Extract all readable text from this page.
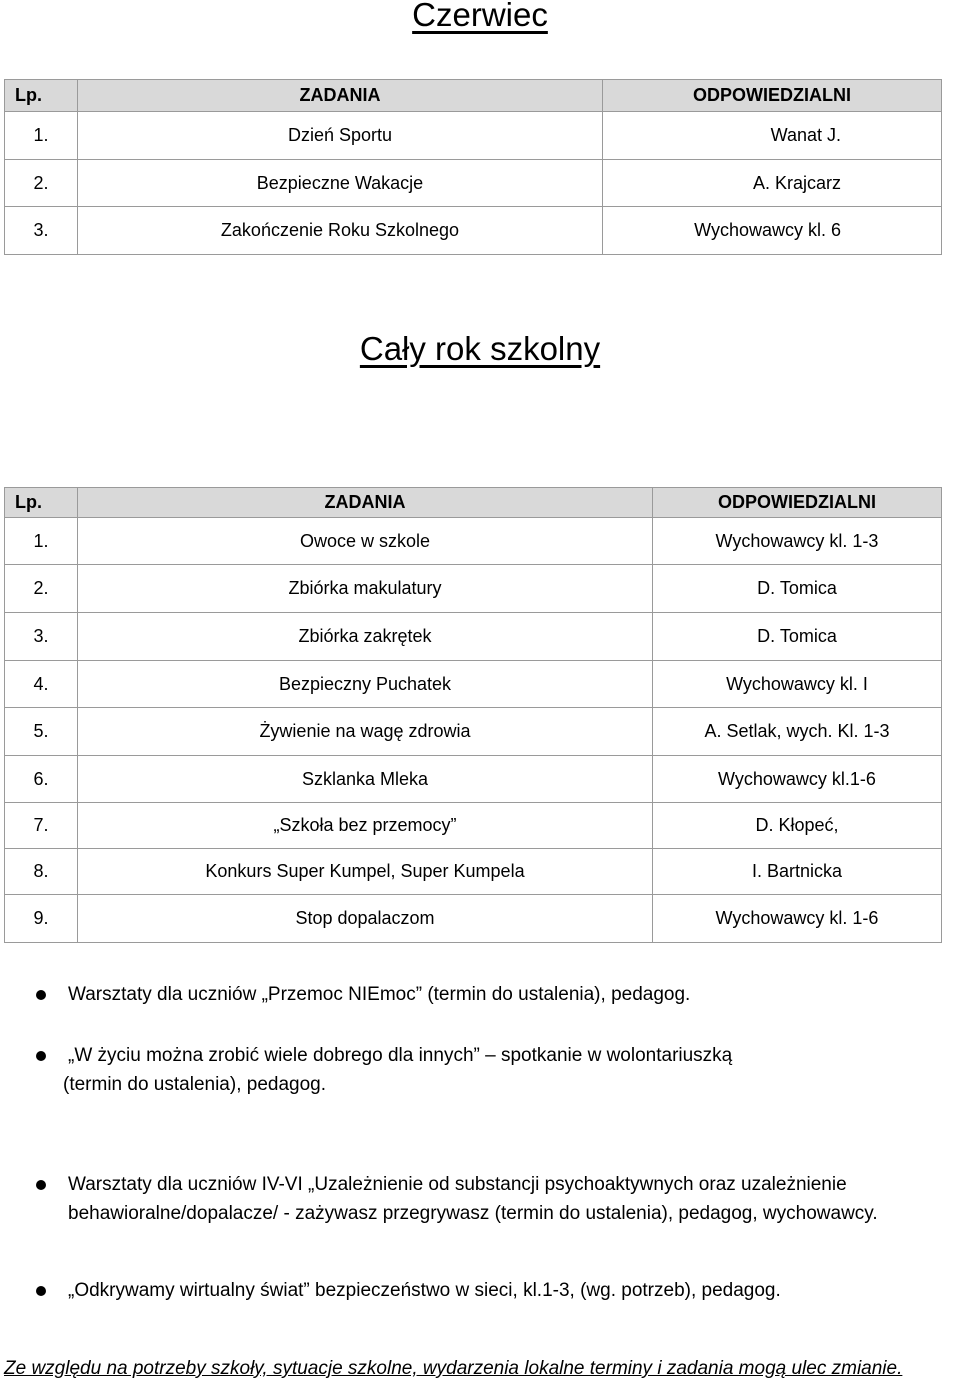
Czerwiec
Lp.	ZADANIA	ODPOWIEDZIALNI
1.	Dzień Sportu	Wanat J.
2.	Bezpieczne Wakacje	A. Krajcarz
3.	Zakończenie Roku Szkolnego	Wychowawcy kl. 6
Cały rok szkolny
Lp.	ZADANIA	ODPOWIEDZIALNI
1.	Owoce w szkole	Wychowawcy kl. 1-3
2.	Zbiórka makulatury	D. Tomica
3.	Zbiórka zakrętek	D. Tomica
4.	Bezpieczny Puchatek	Wychowawcy kl. I
5.	Żywienie na wagę zdrowia	A. Setlak, wych. Kl. 1-3
6.	Szklanka Mleka	Wychowawcy kl.1-6
7.	„Szkoła bez przemocy”	D. Kłopeć,
8.	Konkurs Super Kumpel, Super Kumpela	I. Bartnicka
9.	Stop dopalaczom	Wychowawcy kl. 1-6
Warsztaty dla uczniów „Przemoc NIEmoc” (termin do ustalenia), pedagog.
„W życiu można zrobić wiele dobrego dla innych” – spotkanie w wolontariuszką
(termin do ustalenia), pedagog.
Warsztaty dla uczniów IV-VI „Uzależnienie od substancji psychoaktywnych oraz uzależnienie
behawioralne/dopalacze/ - zażywasz przegrywasz (termin do ustalenia), pedagog, wychowawcy.
„Odkrywamy wirtualny świat” bezpieczeństwo w sieci, kl.1-3, (wg. potrzeb), pedagog.
Ze względu na potrzeby szkoły, sytuacje szkolne, wydarzenia lokalne terminy i zadania mogą ulec zmianie.
